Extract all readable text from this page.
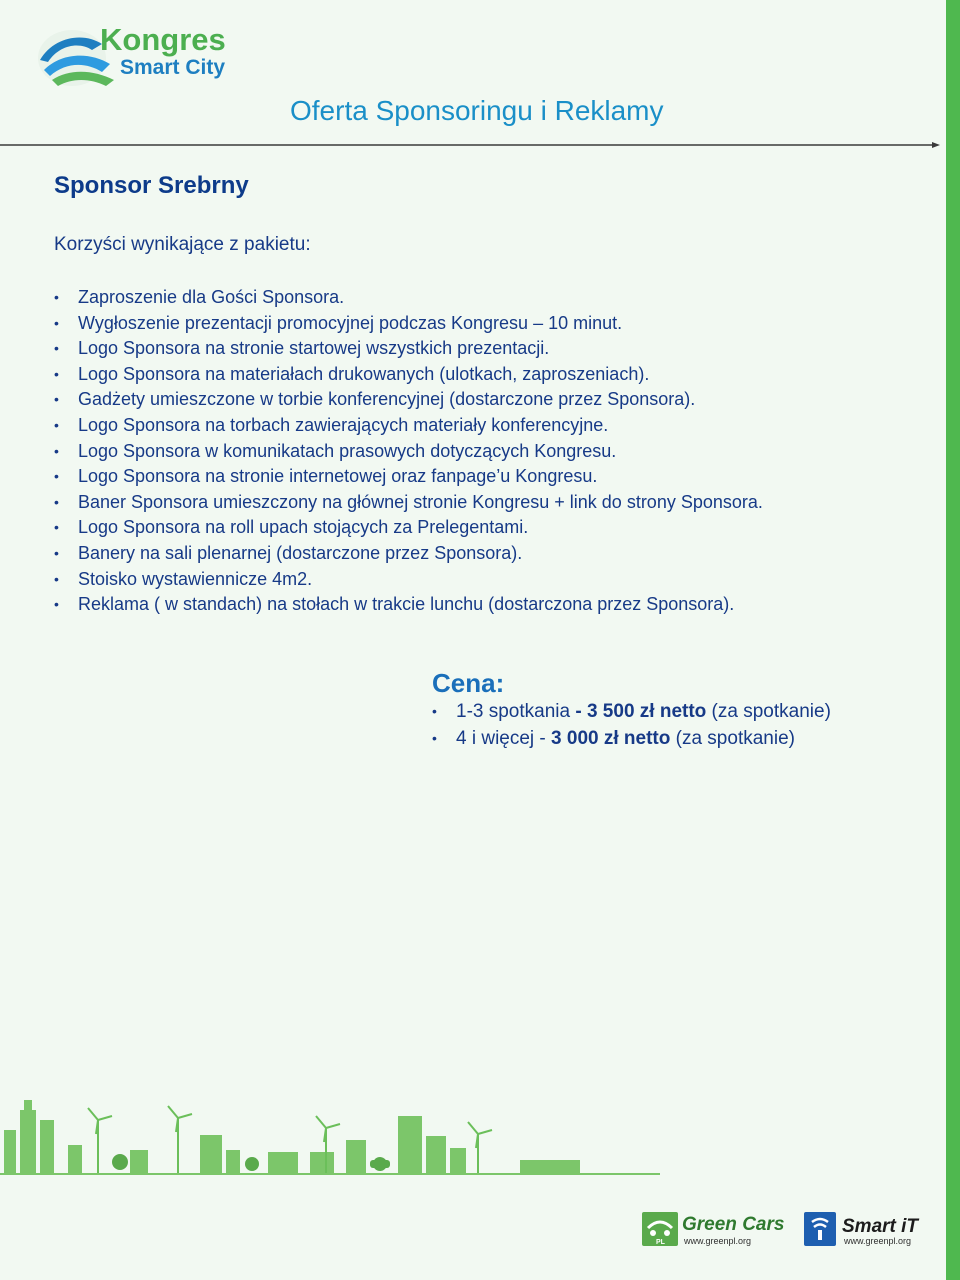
Kongres
Smart City
Oferta Sponsoringu i Reklamy
Sponsor Srebrny
Korzyści wynikające z pakietu:
• Zaproszenie dla Gości Sponsora.
• Wygłoszenie prezentacji promocyjnej podczas Kongresu – 10 minut.
• Logo Sponsora na stronie startowej wszystkich prezentacji.
• Logo Sponsora na materiałach drukowanych (ulotkach, zaproszeniach).
• Gadżety umieszczone w torbie konferencyjnej (dostarczone przez Sponsora).
• Logo Sponsora na torbach zawierających materiały konferencyjne.
• Logo Sponsora w komunikatach prasowych dotyczących Kongresu.
• Logo Sponsora na stronie internetowej oraz fanpage’u Kongresu.
• Baner Sponsora umieszczony na głównej stronie Kongresu + link do strony Sponsora.
• Logo Sponsora na roll upach stojących za Prelegentami.
• Banery na sali plenarnej (dostarczone przez Sponsora).
• Stoisko wystawiennicze 4m2.
• Reklama ( w standach) na stołach w trakcie lunchu (dostarczona przez Sponsora).
Cena:
• 1-3 spotkania - 3 500 zł netto (za spotkanie)
• 4 i więcej - 3 000 zł netto (za spotkanie)
PL
Green Cars
www.greenpl.org
Smart iT
www.greenpl.org
